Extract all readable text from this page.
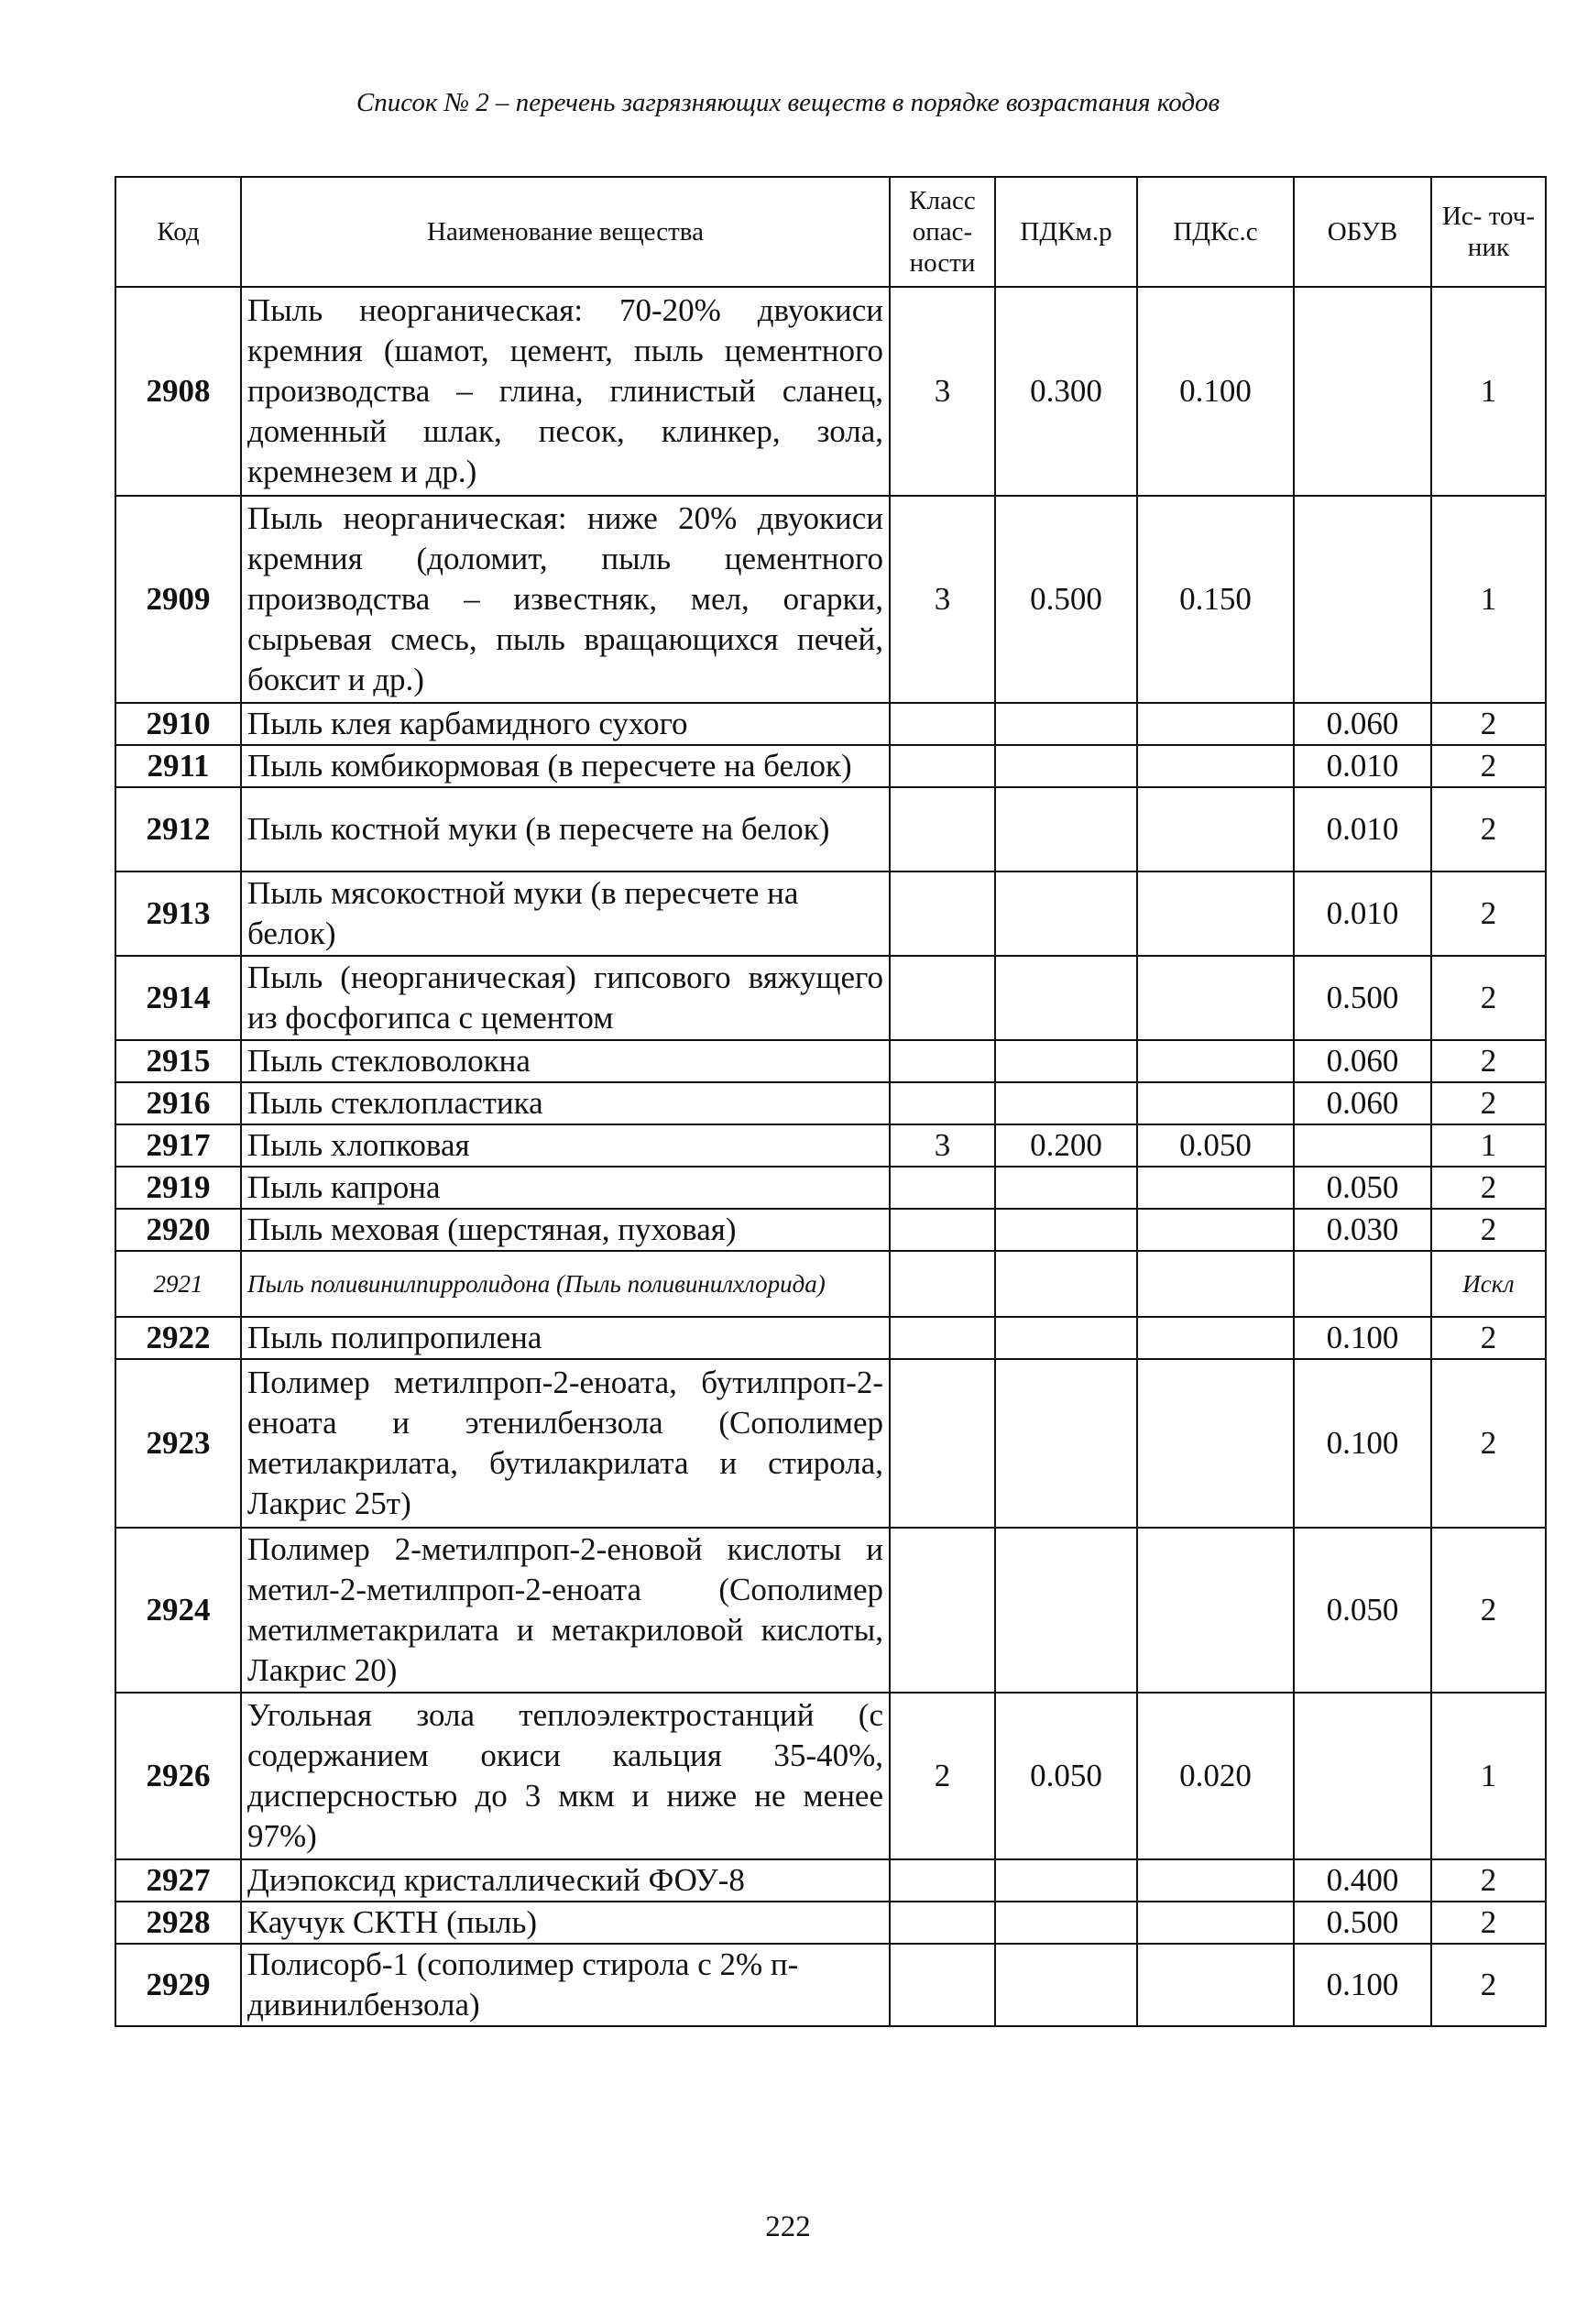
Список № 2 – перечень загрязняющих веществ в порядке возрастания кодов
Код	Наименование вещества	Класс опас- ности	ПДКм.р	ПДКс.с	ОБУВ	Ис- точ- ник
2908	Пыль неорганическая: 70-20% двуокиси кремния (шамот, цемент, пыль цементного производства – глина, глинистый сланец, доменный шлак, песок, клинкер, зола, кремнезем и др.)	3	0.300	0.100		1
2909	Пыль неорганическая: ниже 20% двуокиси кремния (доломит, пыль цементного производства – известняк, мел, огарки, сырьевая смесь, пыль вращающихся печей, боксит и др.)	3	0.500	0.150		1
2910	Пыль клея карбамидного сухого				0.060	2
2911	Пыль комбикормовая (в пересчете на белок)				0.010	2
2912	Пыль костной муки (в пересчете на белок)				0.010	2
2913	Пыль мясокостной муки (в пересчете на белок)				0.010	2
2914	Пыль (неорганическая) гипсового вяжущего из фосфогипса с цементом				0.500	2
2915	Пыль стекловолокна				0.060	2
2916	Пыль стеклопластика				0.060	2
2917	Пыль хлопковая	3	0.200	0.050		1
2919	Пыль капрона				0.050	2
2920	Пыль меховая (шерстяная, пуховая)				0.030	2
2921	Пыль поливинилпирролидона (Пыль поливинилхлорида)					Искл
2922	Пыль полипропилена				0.100	2
2923	Полимер метилпроп-2-еноата, бутилпроп-2-еноата и этенилбензола (Сополимер метилакрилата, бутилакрилата и стирола, Лакрис 25т)				0.100	2
2924	Полимер 2-метилпроп-2-еновой кислоты и метил-2-метилпроп-2-еноата (Сополимер метилметакрилата и метакриловой кислоты, Лакрис 20)				0.050	2
2926	Угольная зола теплоэлектростанций (с содержанием окиси кальция 35-40%, дисперсностью до 3 мкм и ниже не менее 97%)	2	0.050	0.020		1
2927	Диэпоксид кристаллический ФОУ-8				0.400	2
2928	Каучук СКТН (пыль)				0.500	2
2929	Полисорб-1 (сополимер стирола с 2% п-дивинилбензола)				0.100	2
222
